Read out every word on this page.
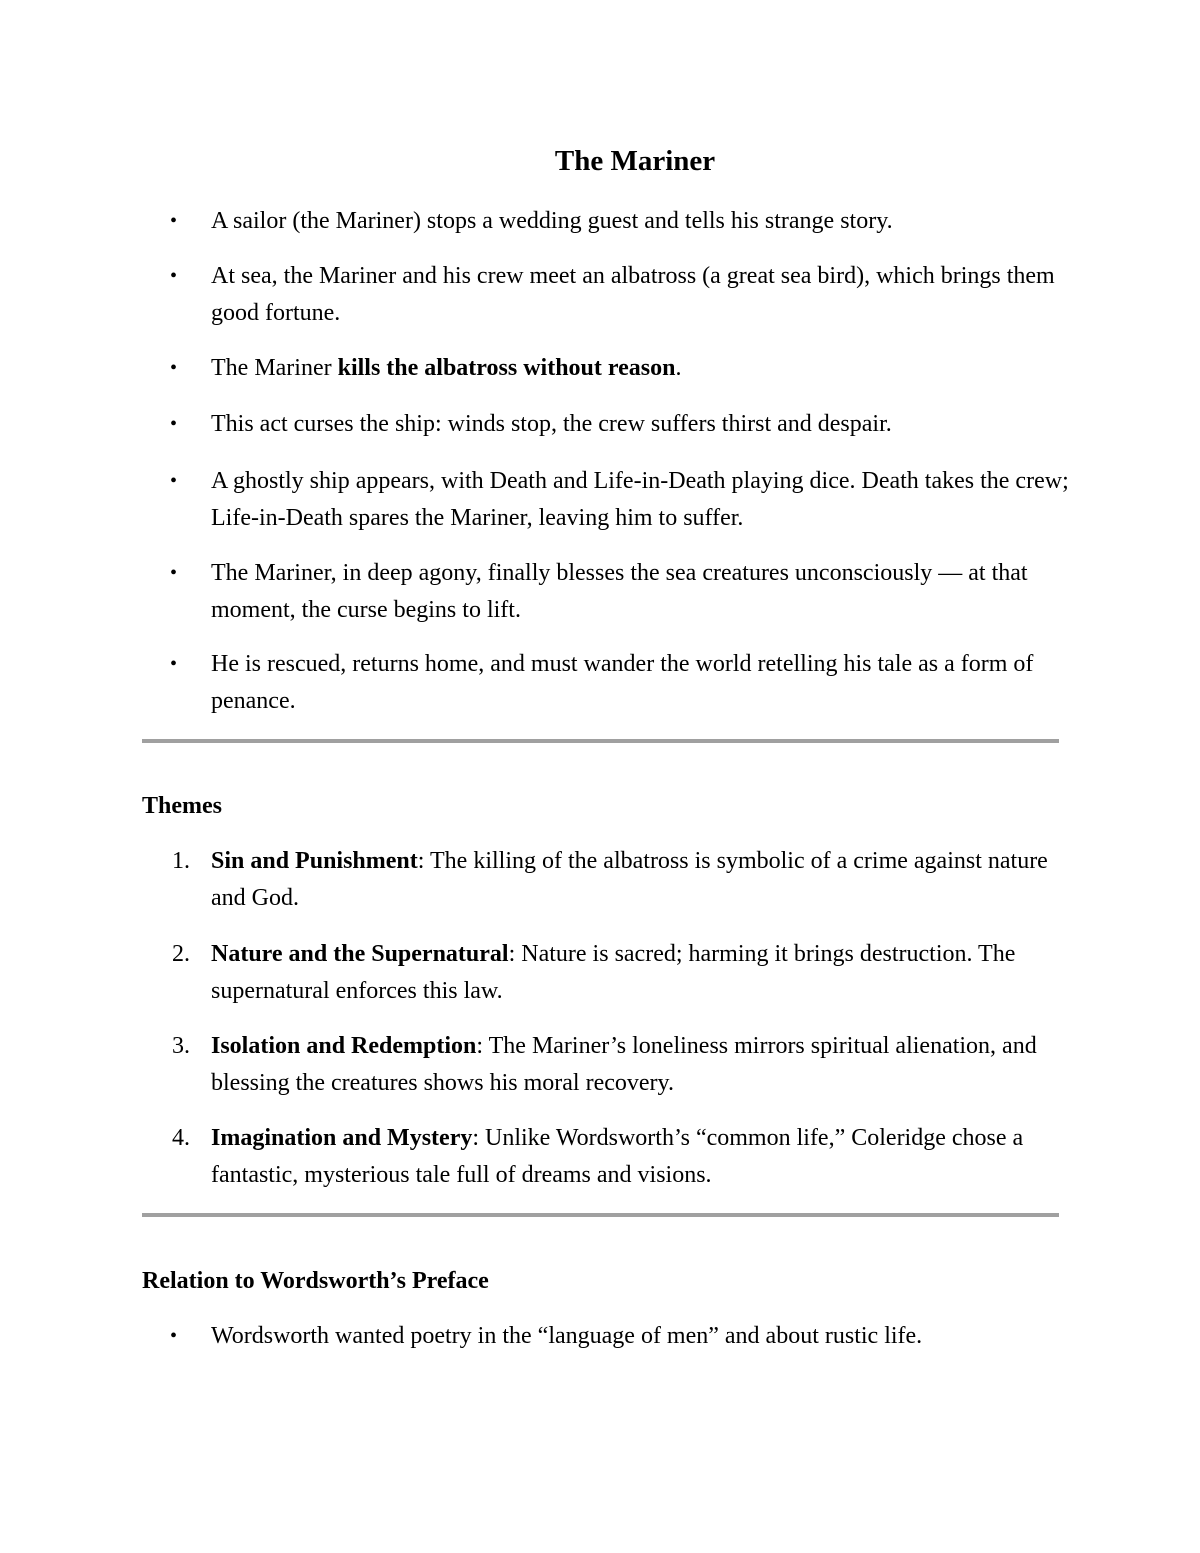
The Mariner
• A sailor (the Mariner) stops a wedding guest and tells his strange story.
• At sea, the Mariner and his crew meet an albatross (a great sea bird), which brings them good fortune.
• The Mariner kills the albatross without reason.
• This act curses the ship: winds stop, the crew suffers thirst and despair.
• A ghostly ship appears, with Death and Life-in-Death playing dice. Death takes the crew; Life-in-Death spares the Mariner, leaving him to suffer.
• The Mariner, in deep agony, finally blesses the sea creatures unconsciously — at that moment, the curse begins to lift.
• He is rescued, returns home, and must wander the world retelling his tale as a form of penance.
Themes
1. Sin and Punishment: The killing of the albatross is symbolic of a crime against nature and God.
2. Nature and the Supernatural: Nature is sacred; harming it brings destruction. The supernatural enforces this law.
3. Isolation and Redemption: The Mariner’s loneliness mirrors spiritual alienation, and blessing the creatures shows his moral recovery.
4. Imagination and Mystery: Unlike Wordsworth’s “common life,” Coleridge chose a fantastic, mysterious tale full of dreams and visions.
Relation to Wordsworth’s Preface
• Wordsworth wanted poetry in the “language of men” and about rustic life.
